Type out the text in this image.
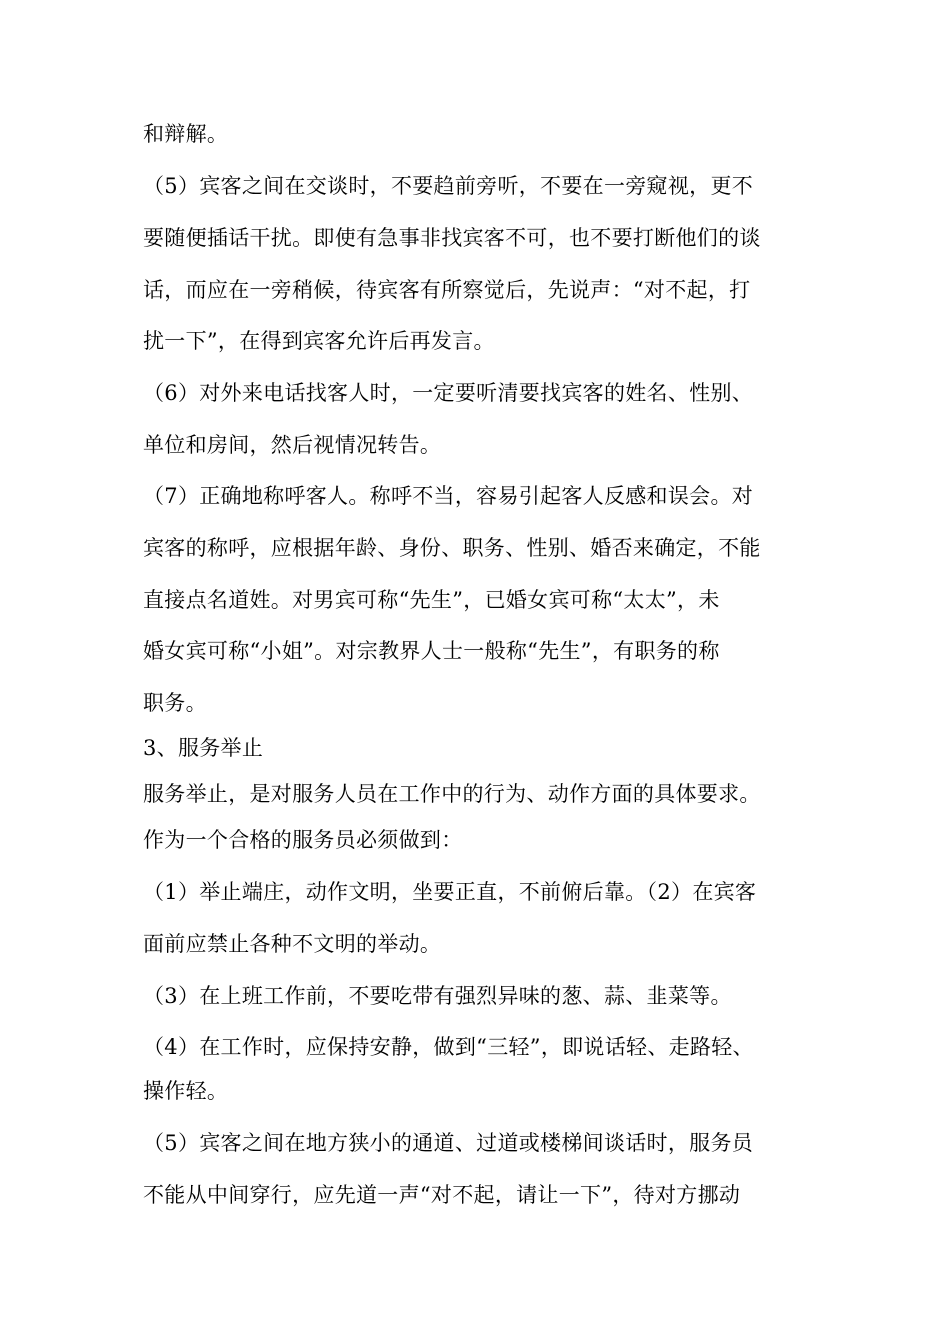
和辩解。
（5）宾客之间在交谈时，不要趋前旁听，不要在一旁窥视，更不
要随便插话干扰。即使有急事非找宾客不可，也不要打断他们的谈
话，而应在一旁稍候，待宾客有所察觉后，先说声：“对不起，打
扰一下”，在得到宾客允许后再发言。
（6）对外来电话找客人时，一定要听清要找宾客的姓名、性别、
单位和房间，然后视情况转告。
（7）正确地称呼客人。称呼不当，容易引起客人反感和误会。对
宾客的称呼，应根据年龄、身份、职务、性别、婚否来确定，不能
直接点名道姓。对男宾可称“先生”，已婚女宾可称“太太”，未
婚女宾可称“小姐”。对宗教界人士一般称“先生”，有职务的称
职务。
3、服务举止
服务举止，是对服务人员在工作中的行为、动作方面的具体要求。
作为一个合格的服务员必须做到：
（1）举止端庄，动作文明，坐要正直，不前俯后靠。（2）在宾客
面前应禁止各种不文明的举动。
（3）在上班工作前，不要吃带有强烈异味的葱、蒜、韭菜等。
（4）在工作时，应保持安静，做到“三轻”，即说话轻、走路轻、
操作轻。
（5）宾客之间在地方狭小的通道、过道或楼梯间谈话时，服务员
不能从中间穿行，应先道一声“对不起，请让一下”，待对方挪动
